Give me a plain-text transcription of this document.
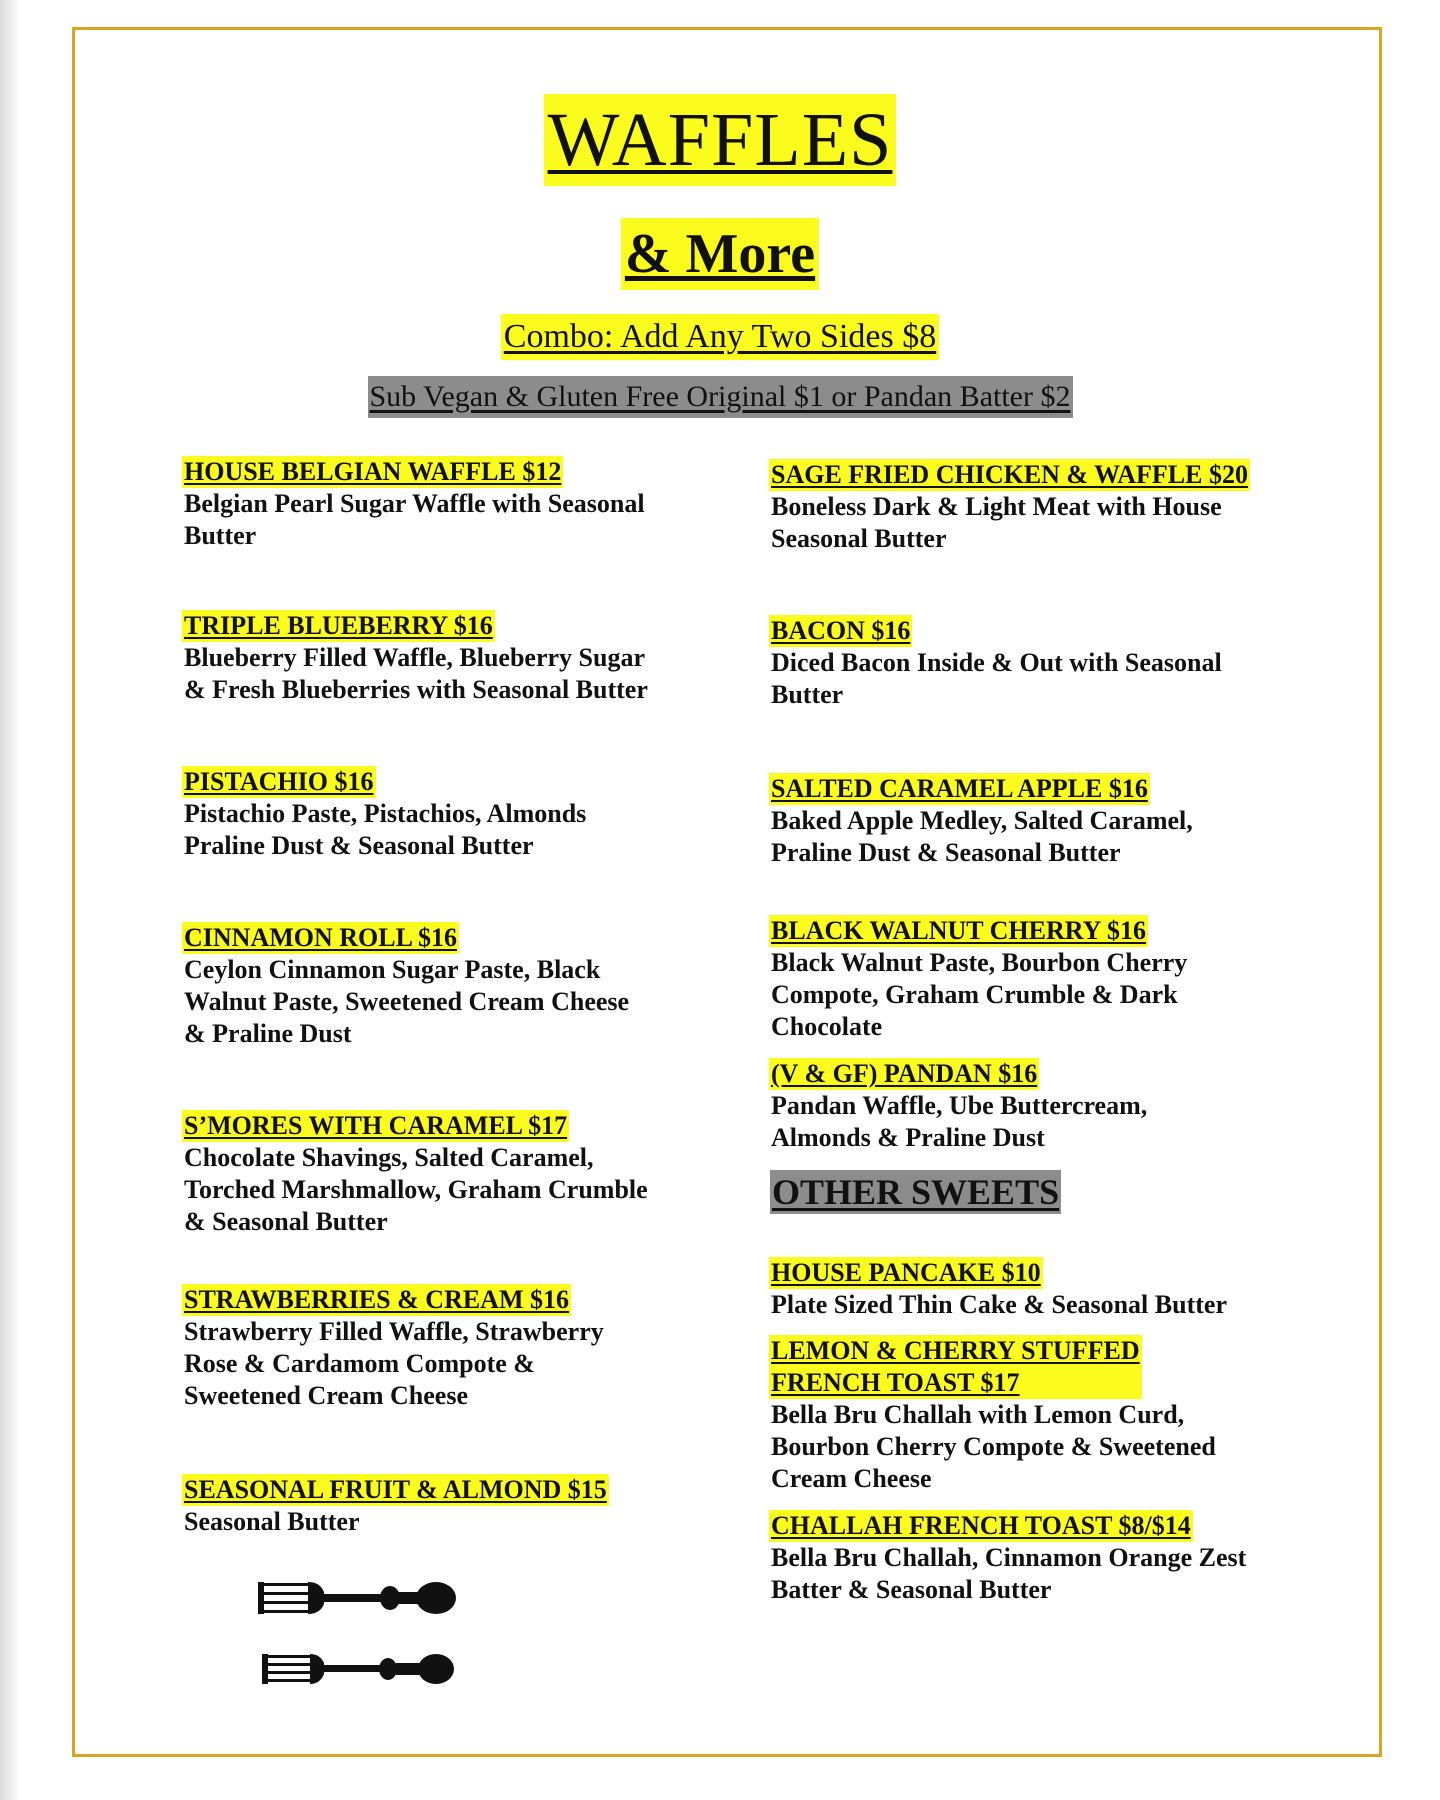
WAFFLES
& More
Combo: Add Any Two Sides $8
Sub Vegan & Gluten Free Original $1 or Pandan Batter $2
HOUSE BELGIAN WAFFLE $12
Belgian Pearl Sugar Waffle with Seasonal
Butter
TRIPLE BLUEBERRY $16
Blueberry Filled Waffle, Blueberry Sugar
& Fresh Blueberries with Seasonal Butter
PISTACHIO $16
Pistachio Paste, Pistachios, Almonds
Praline Dust & Seasonal Butter
CINNAMON ROLL $16
Ceylon Cinnamon Sugar Paste, Black
Walnut Paste, Sweetened Cream Cheese
& Praline Dust
S’MORES WITH CARAMEL $17
Chocolate Shavings, Salted Caramel,
Torched Marshmallow, Graham Crumble
& Seasonal Butter
STRAWBERRIES & CREAM $16
Strawberry Filled Waffle, Strawberry
Rose & Cardamom Compote &
Sweetened Cream Cheese
SEASONAL FRUIT & ALMOND $15
Seasonal Butter
SAGE FRIED CHICKEN & WAFFLE $20
Boneless Dark & Light Meat with House
Seasonal Butter
BACON $16
Diced Bacon Inside & Out with Seasonal
Butter
SALTED CARAMEL APPLE $16
Baked Apple Medley, Salted Caramel,
Praline Dust & Seasonal Butter
BLACK WALNUT CHERRY $16
Black Walnut Paste, Bourbon Cherry
Compote, Graham Crumble & Dark
Chocolate
(V & GF) PANDAN $16
Pandan Waffle, Ube Buttercream,
Almonds & Praline Dust
OTHER SWEETS
HOUSE PANCAKE $10
Plate Sized Thin Cake & Seasonal Butter
LEMON & CHERRY STUFFED
FRENCH TOAST $17
Bella Bru Challah with Lemon Curd,
Bourbon Cherry Compote & Sweetened
Cream Cheese
CHALLAH FRENCH TOAST $8/$14
Bella Bru Challah, Cinnamon Orange Zest
Batter & Seasonal Butter
